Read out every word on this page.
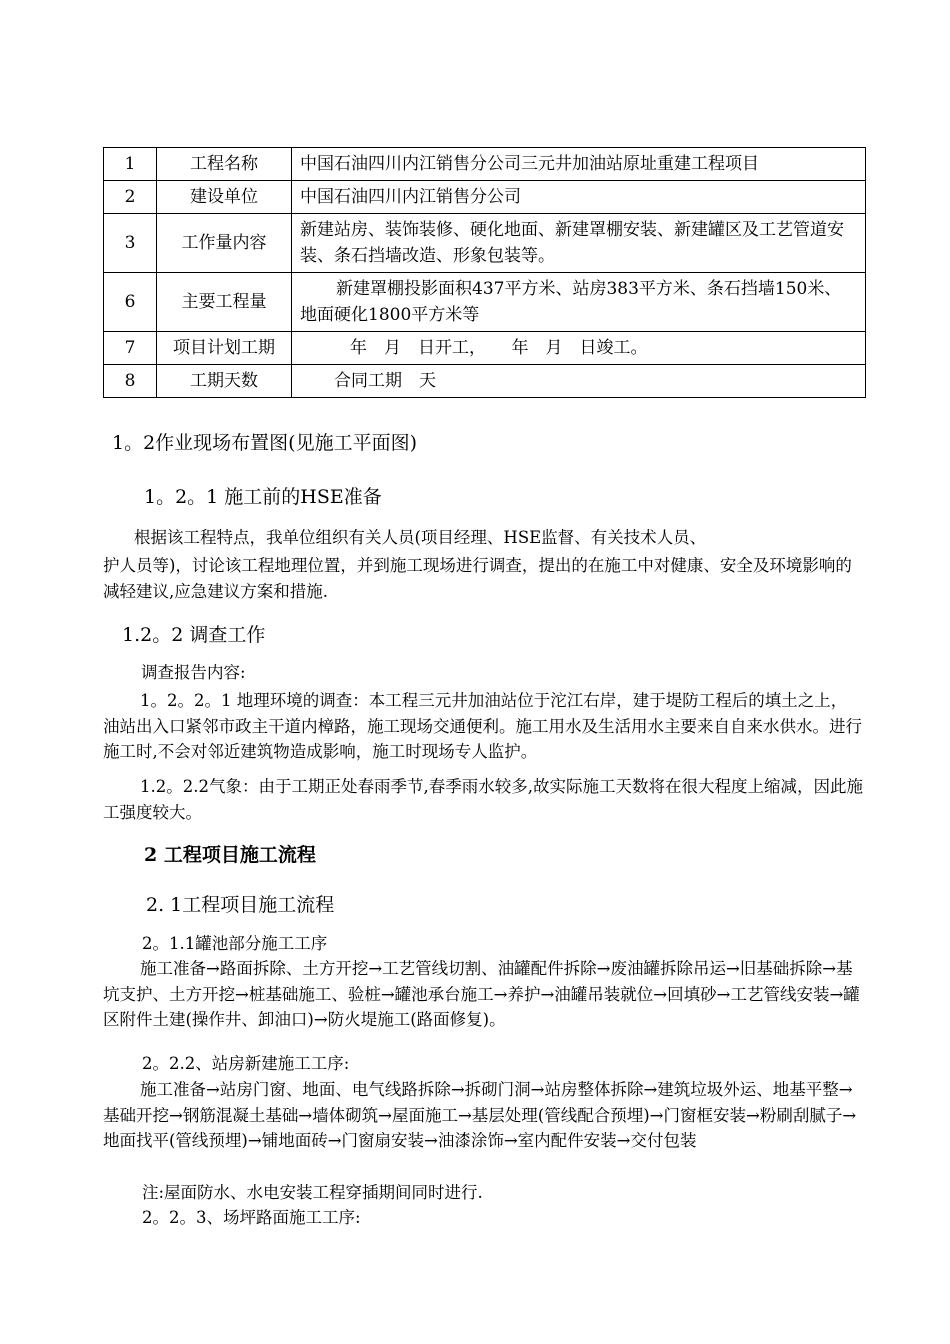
1	工程名称	中国石油四川内江销售分公司三元井加油站原址重建工程项目
2	建设单位	中国石油四川内江销售分公司
3	工作量内容	新建站房、装饰装修、硬化地面、新建罩棚安装、新建罐区及工艺管道安装、条石挡墙改造、形象包装等。
6	主要工程量	新建罩棚投影面积437平方米、站房383平方米、条石挡墙150米、地面硬化1800平方米等
7	项目计划工期	年　月　日开工，　　年　月　日竣工。
8	工期天数	合同工期　天
1。2作业现场布置图(见施工平面图)
1。2。1 施工前的HSE准备
根据该工程特点，我单位组织有关人员(项目经理、HSE监督、有关技术人员、
护人员等)，讨论该工程地理位置，并到施工现场进行调查，提出的在施工中对健康、安全及环境影响的减轻建议,应急建议方案和措施.
1.2。2 调查工作
调查报告内容:
1。2。2。1 地理环境的调查：本工程三元井加油站位于沱江右岸，建于堤防工程后的填土之上，油站出入口紧邻市政主干道内樟路，施工现场交通便利。施工用水及生活用水主要来自自来水供水。进行施工时,不会对邻近建筑物造成影响，施工时现场专人监护。
1.2。2.2气象：由于工期正处春雨季节,春季雨水较多,故实际施工天数将在很大程度上缩减，因此施工强度较大。
2 工程项目施工流程
2. 1工程项目施工流程
2。1.1罐池部分施工工序
施工准备→路面拆除、土方开挖→工艺管线切割、油罐配件拆除→废油罐拆除吊运→旧基础拆除→基坑支护、土方开挖→桩基础施工、验桩→罐池承台施工→养护→油罐吊装就位→回填砂→工艺管线安装→罐区附件土建(操作井、卸油口)→防火堤施工(路面修复)。
2。2.2、站房新建施工工序:
施工准备→站房门窗、地面、电气线路拆除→拆砌门洞→站房整体拆除→建筑垃圾外运、地基平整→基础开挖→钢筋混凝土基础→墙体砌筑→屋面施工→基层处理(管线配合预埋)→门窗框安装→粉刷刮腻子→地面找平(管线预埋)→铺地面砖→门窗扇安装→油漆涂饰→室内配件安装→交付包装
注:屋面防水、水电安装工程穿插期间同时进行.
2。2。3、场坪路面施工工序:
